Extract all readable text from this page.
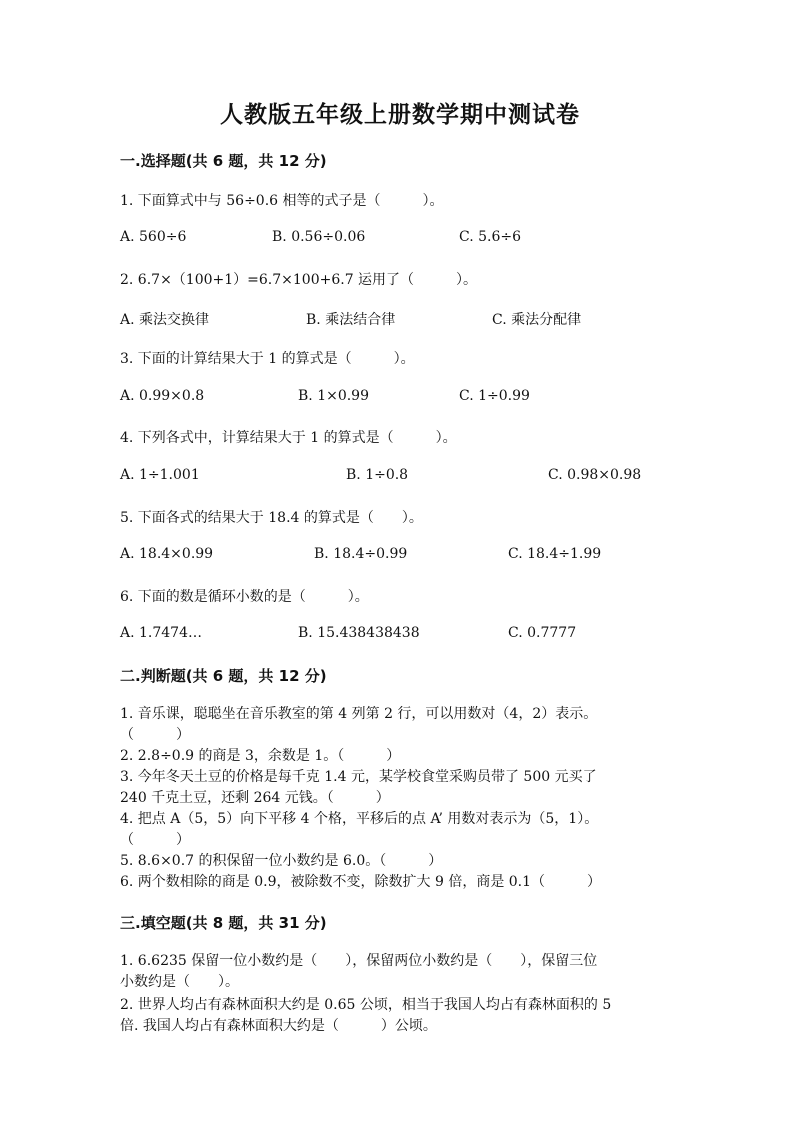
人教版五年级上册数学期中测试卷
一.选择题(共 6 题，共 12 分)
1. 下面算式中与 56÷0.6 相等的式子是（　　　）。
A. 560÷6	B. 0.56÷0.06	C. 5.6÷6
2. 6.7×（100+1）=6.7×100+6.7 运用了（　　　）。
A. 乘法交换律	B. 乘法结合律	C. 乘法分配律
3. 下面的计算结果大于 1 的算式是（　　　）。
A. 0.99×0.8	B. 1×0.99	C. 1÷0.99
4. 下列各式中，计算结果大于 1 的算式是（　　　）。
A. 1÷1.001	B. 1÷0.8	C. 0.98×0.98
5. 下面各式的结果大于 18.4 的算式是（　　）。
A. 18.4×0.99	B. 18.4÷0.99	C. 18.4÷1.99
6. 下面的数是循环小数的是（　　　）。
A. 1.7474…	B. 15.438438438	C. 0.7777
二.判断题(共 6 题，共 12 分)
1. 音乐课，聪聪坐在音乐教室的第 4 列第 2 行，可以用数对（4，2）表示。
（　　　）
2. 2.8÷0.9 的商是 3，余数是 1。（　　　）
3. 今年冬天土豆的价格是每千克 1.4 元，某学校食堂采购员带了 500 元买了
240 千克土豆，还剩 264 元钱。（　　　）
4. 把点 A（5，5）向下平移 4 个格，平移后的点 A’ 用数对表示为（5，1）。
（　　　）
5. 8.6×0.7 的积保留一位小数约是 6.0。（　　　）
6. 两个数相除的商是 0.9，被除数不变，除数扩大 9 倍，商是 0.1（　　　）
三.填空题(共 8 题，共 31 分)
1. 6.6235 保留一位小数约是（　　），保留两位小数约是（　　），保留三位
小数约是（　　）。
2. 世界人均占有森林面积大约是 0.65 公顷，相当于我国人均占有森林面积的 5
倍. 我国人均占有森林面积大约是（　　　）公顷。
